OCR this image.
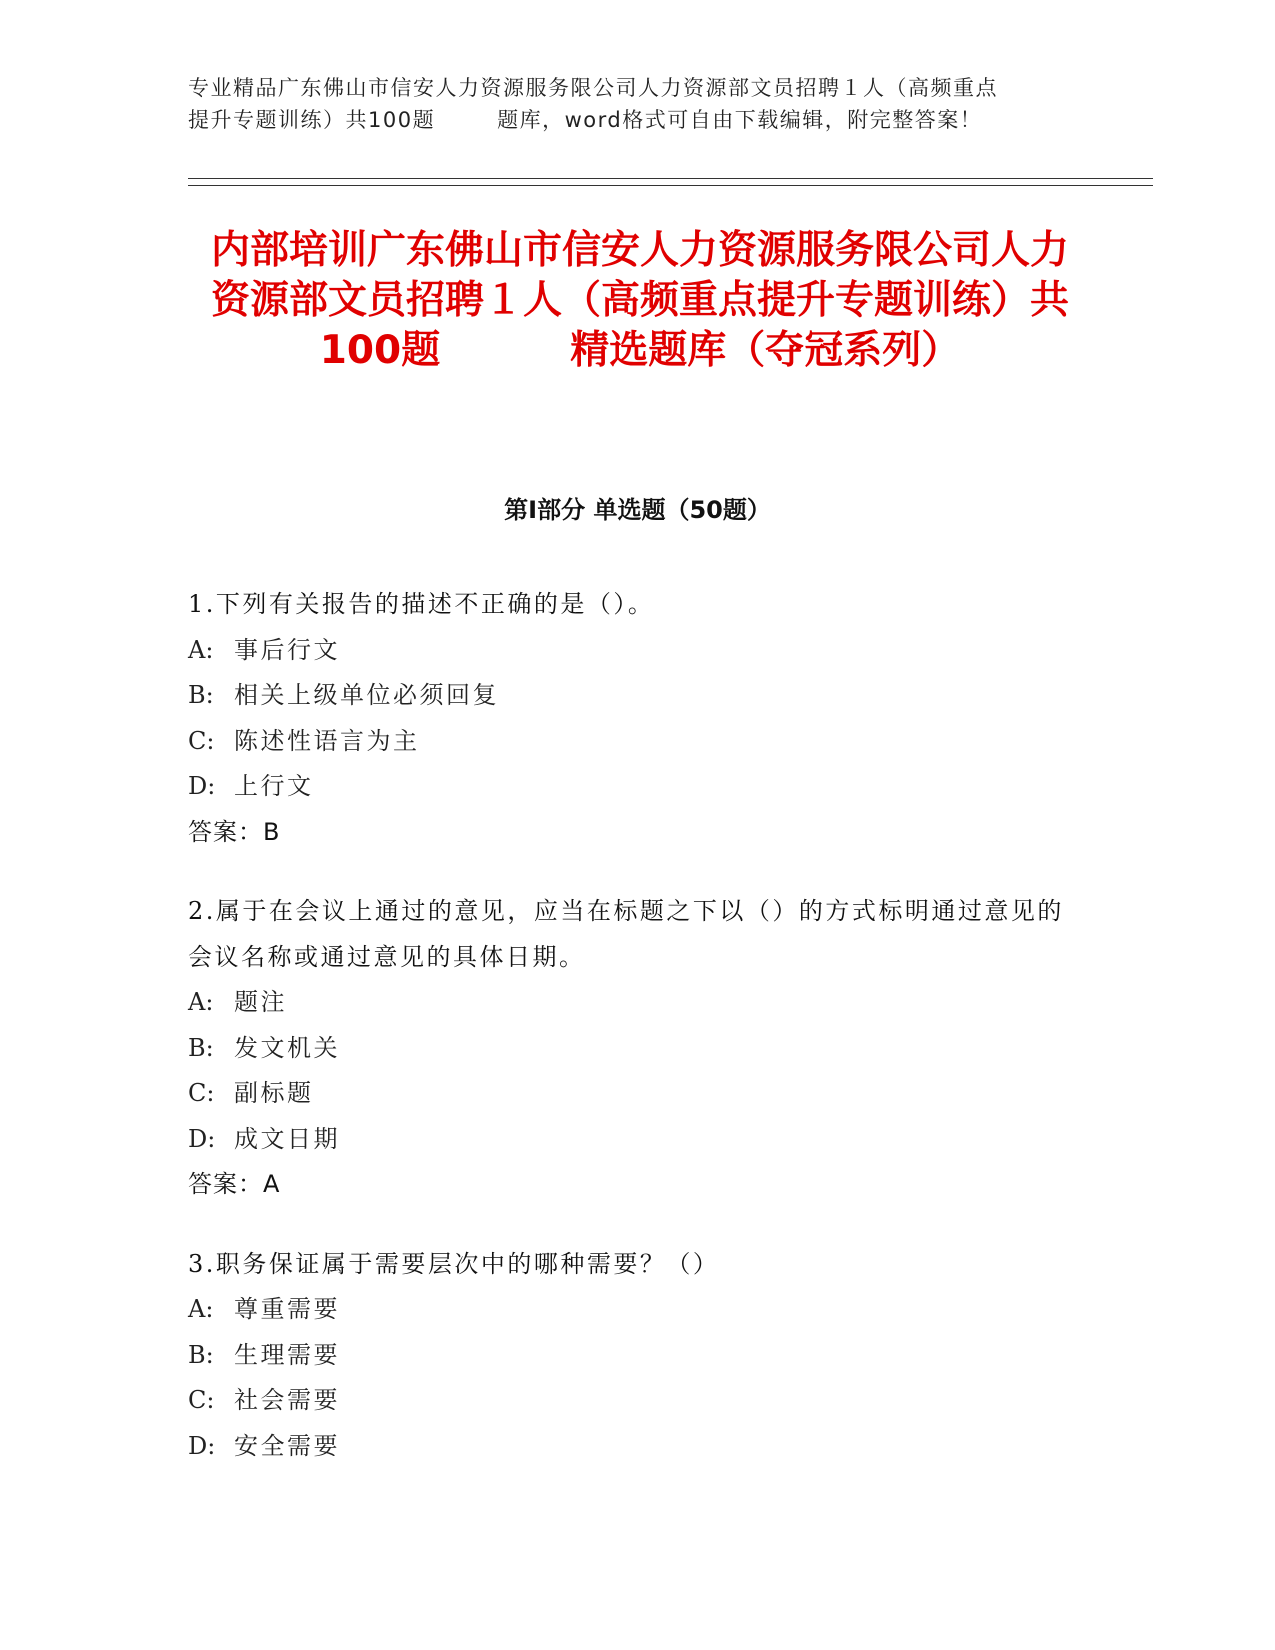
专业精品广东佛山市信安人力资源服务限公司人力资源部文员招聘１人（高频重点
提升专题训练）共100题	题库，word格式可自由下载编辑，附完整答案！
内部培训广东佛山市信安人力资源服务限公司人力资源部文员招聘１人（高频重点提升专题训练）共100题	精选题库（夺冠系列）
第Ⅰ部分 单选题（50题）
1.下列有关报告的描述不正确的是（）。
A: 事后行文
B: 相关上级单位必须回复
C: 陈述性语言为主
D: 上行文
答案：B
2.属于在会议上通过的意见，应当在标题之下以（）的方式标明通过意见的会议名称或通过意见的具体日期。
A: 题注
B: 发文机关
C: 副标题
D: 成文日期
答案：A
3.职务保证属于需要层次中的哪种需要？（）
A: 尊重需要
B: 生理需要
C: 社会需要
D: 安全需要
